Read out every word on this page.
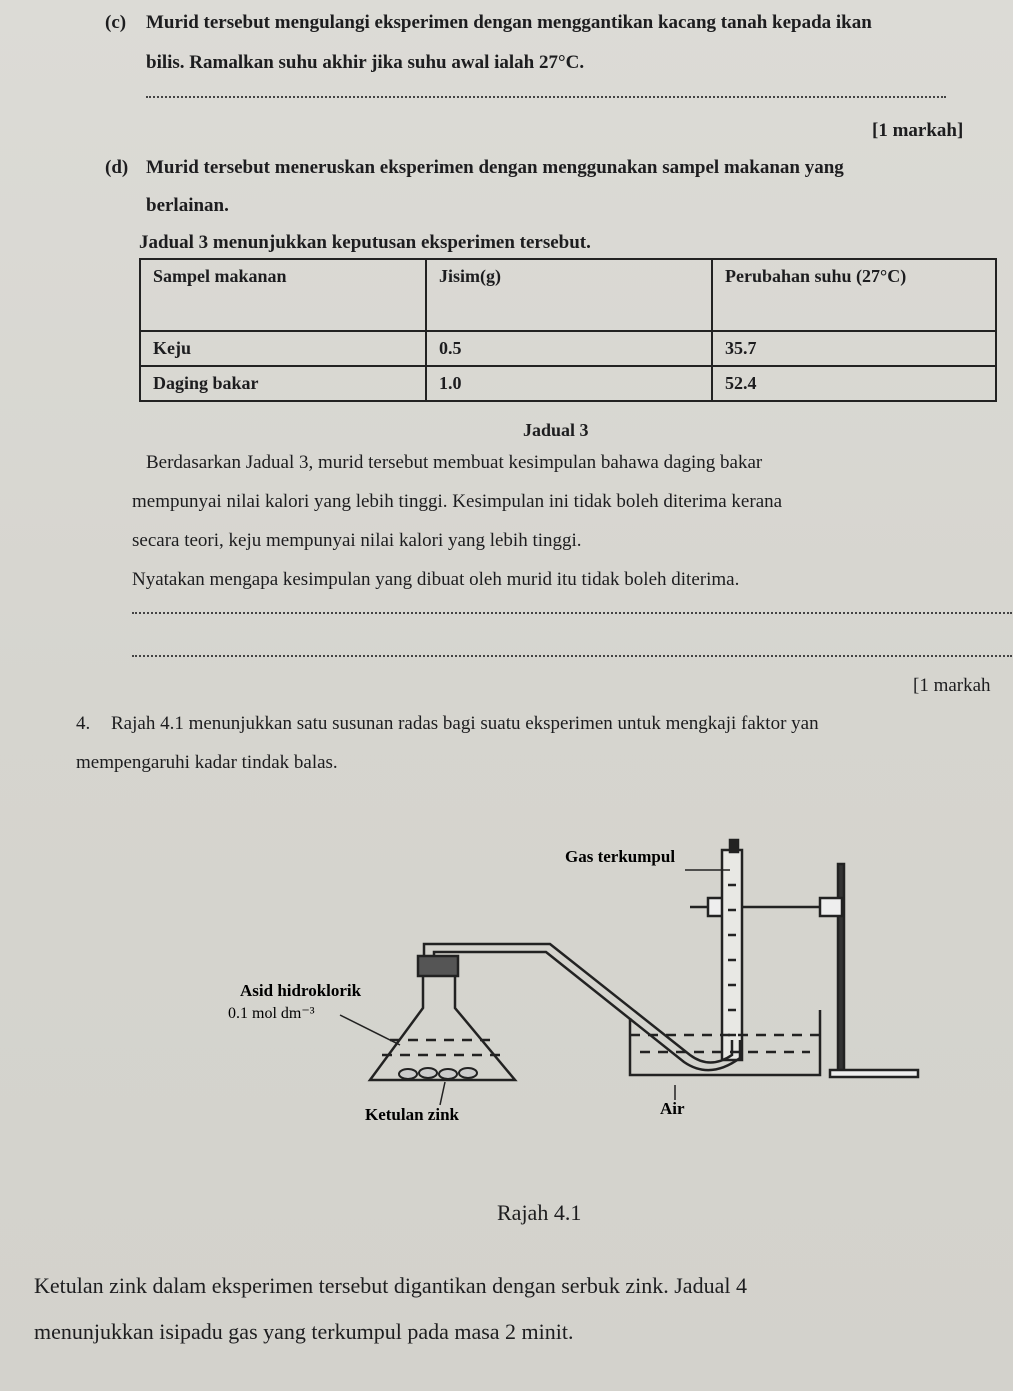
(c) Murid tersebut mengulangi eksperimen dengan menggantikan kacang tanah kepada ikan
bilis. Ramalkan suhu akhir jika suhu awal ialah 27°C.
[1 markah]
(d) Murid tersebut meneruskan eksperimen dengan menggunakan sampel makanan yang
berlainan.
Jadual 3 menunjukkan keputusan eksperimen tersebut.
Sampel makanan	Jisim(g)	Perubahan suhu (27°C)
Keju	0.5	35.7
Daging bakar	1.0	52.4
Jadual 3
Berdasarkan Jadual 3, murid tersebut membuat kesimpulan bahawa daging bakar
mempunyai nilai kalori yang lebih tinggi. Kesimpulan ini tidak boleh diterima kerana
secara teori, keju mempunyai nilai kalori yang lebih tinggi.
Nyatakan mengapa kesimpulan yang dibuat oleh murid itu tidak boleh diterima.
[1 markah
4. Rajah 4.1 menunjukkan satu susunan radas bagi suatu eksperimen untuk mengkaji faktor yan
mempengaruhi kadar tindak balas.
Gas terkumpul
Asid hidroklorik
0.1 mol dm⁻³
Ketulan zink	Air
Rajah 4.1
Ketulan zink dalam eksperimen tersebut digantikan dengan serbuk zink. Jadual 4
menunjukkan isipadu gas yang terkumpul pada masa 2 minit.
